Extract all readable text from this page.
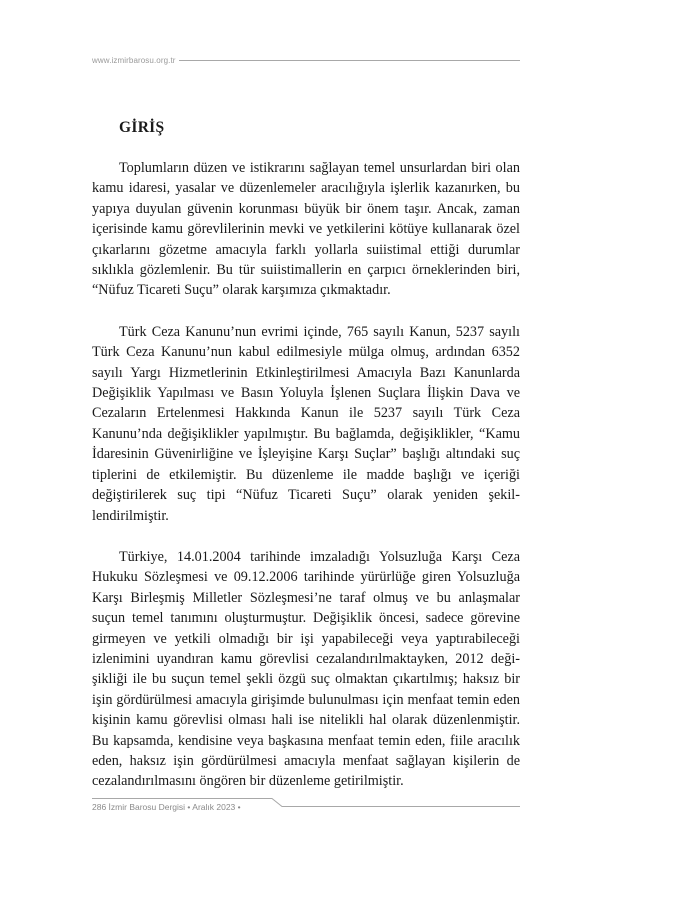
www.izmirbarosu.org.tr
GİRİŞ

Toplumların düzen ve istikrarını sağlayan temel unsurlardan biri olan kamu idaresi, yasalar ve düzenlemeler aracılığıyla işlerlik kazanırken, bu yapıya duyulan güvenin korunması büyük bir önem taşır. Ancak, zaman içerisinde kamu görevlilerinin mevki ve yetkilerini kötüye kullanarak özel çıkarlarını gözetme amacıyla farklı yollarla suiistimal ettiği durumlar sıklıkla gözlemlenir. Bu tür suiistimallerin en çarpıcı örneklerinden biri, “Nüfuz Ticareti Suçu” olarak karşımıza çıkmaktadır.

Türk Ceza Kanunu’nun evrimi içinde, 765 sayılı Kanun, 5237 sayılı Türk Ceza Kanunu’nun kabul edilmesiyle mülga olmuş, ardından 6352 sayılı Yargı Hizmetlerinin Etkinleştirilmesi Amacıyla Bazı Kanunlarda Değişiklik Yapılması ve Basın Yoluyla İşlenen Suçlara İlişkin Dava ve Cezaların Ertelenmesi Hakkında Kanun ile 5237 sayılı Türk Ceza Kanunu’nda değişiklikler yapılmıştır. Bu bağlamda, değişiklikler, “Kamu İdaresinin Güvenirliğine ve İşleyişine Karşı Suçlar” başlığı altındaki suç tiplerini de etkilemiştir. Bu düzenleme ile madde başlığı ve içeriği değiştirilerek suç tipi “Nüfuz Ticareti Suçu” olarak yeniden şekillendirilmiştir.

Türkiye, 14.01.2004 tarihinde imzaladığı Yolsuzluğa Karşı Ceza Hukuku Sözleşmesi ve 09.12.2006 tarihinde yürürlüğe giren Yolsuzluğa Karşı Birleşmiş Milletler Sözleşmesi’ne taraf olmuş ve bu anlaşmalar suçun temel tanımını oluşturmuştur. Değişiklik öncesi, sadece görevine girmeyen ve yetkili olmadığı bir işi yapabileceği veya yaptırabileceği izlenimini uyandıran kamu görevlisi cezalandırılmaktayken, 2012 değişikliği ile bu suçun temel şekli özgü suç olmaktan çıkartılmış; haksız bir işin gördürülmesi amacıyla girişimde bulunulması için menfaat temin eden kişinin kamu görevlisi olması hali ise nitelikli hal olarak düzenlenmiştir. Bu kapsamda, kendisine veya başkasına menfaat temin eden, fiile aracılık eden, haksız işin gördürülmesi amacıyla menfaat sağlayan kişilerin de cezalandırılmasını öngören bir düzenleme getirilmiştir.

286 İzmir Barosu Dergisi • Aralık 2023 •
